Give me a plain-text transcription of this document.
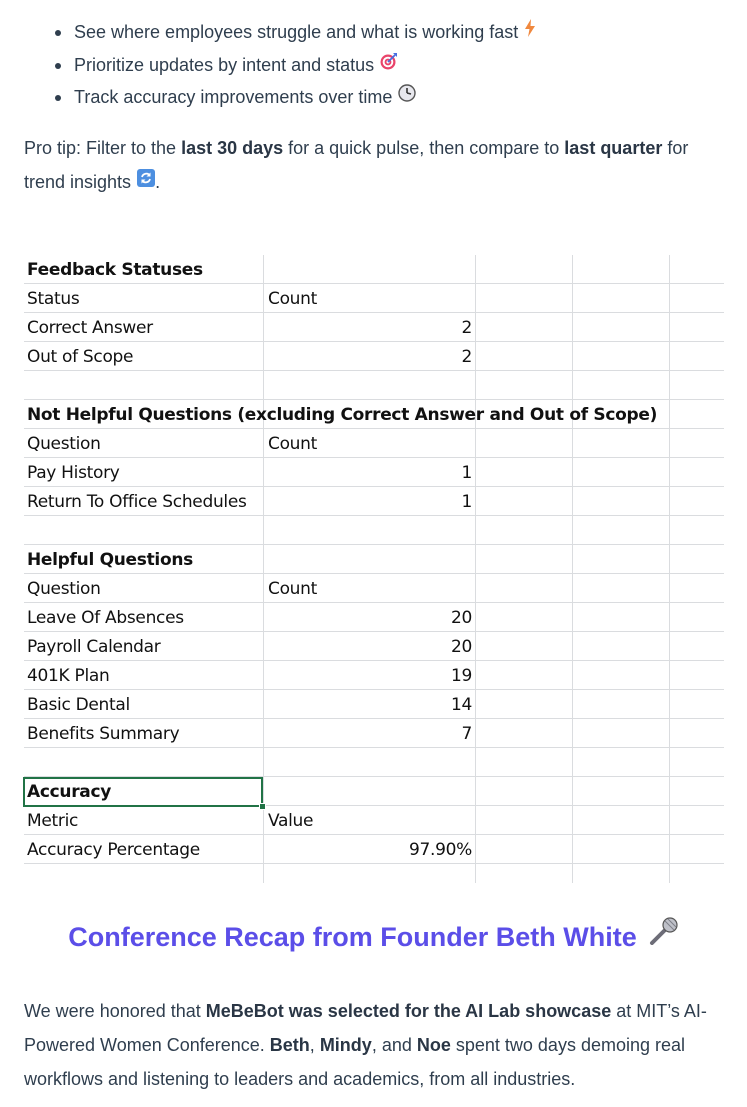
See where employees struggle and what is working fast
Prioritize updates by intent and status
Track accuracy improvements over time

Pro tip: Filter to the last 30 days for a quick pulse, then compare to last quarter for trend insights .

Feedback Statuses
Status	Count
Correct Answer	2
Out of Scope	2
Not Helpful Questions (excluding Correct Answer and Out of Scope)
Question	Count
Pay History	1
Return To Office Schedules	1
Helpful Questions
Question	Count
Leave Of Absences	20
Payroll Calendar	20
401K Plan	19
Basic Dental	14
Benefits Summary	7
Accuracy
Metric	Value
Accuracy Percentage	97.90%
Conference Recap from Founder Beth White

We were honored that MeBeBot was selected for the AI Lab showcase at MIT’s AI-Powered Women Conference. Beth, Mindy, and Noe spent two days demoing real workflows and listening to leaders and academics, from all industries.
